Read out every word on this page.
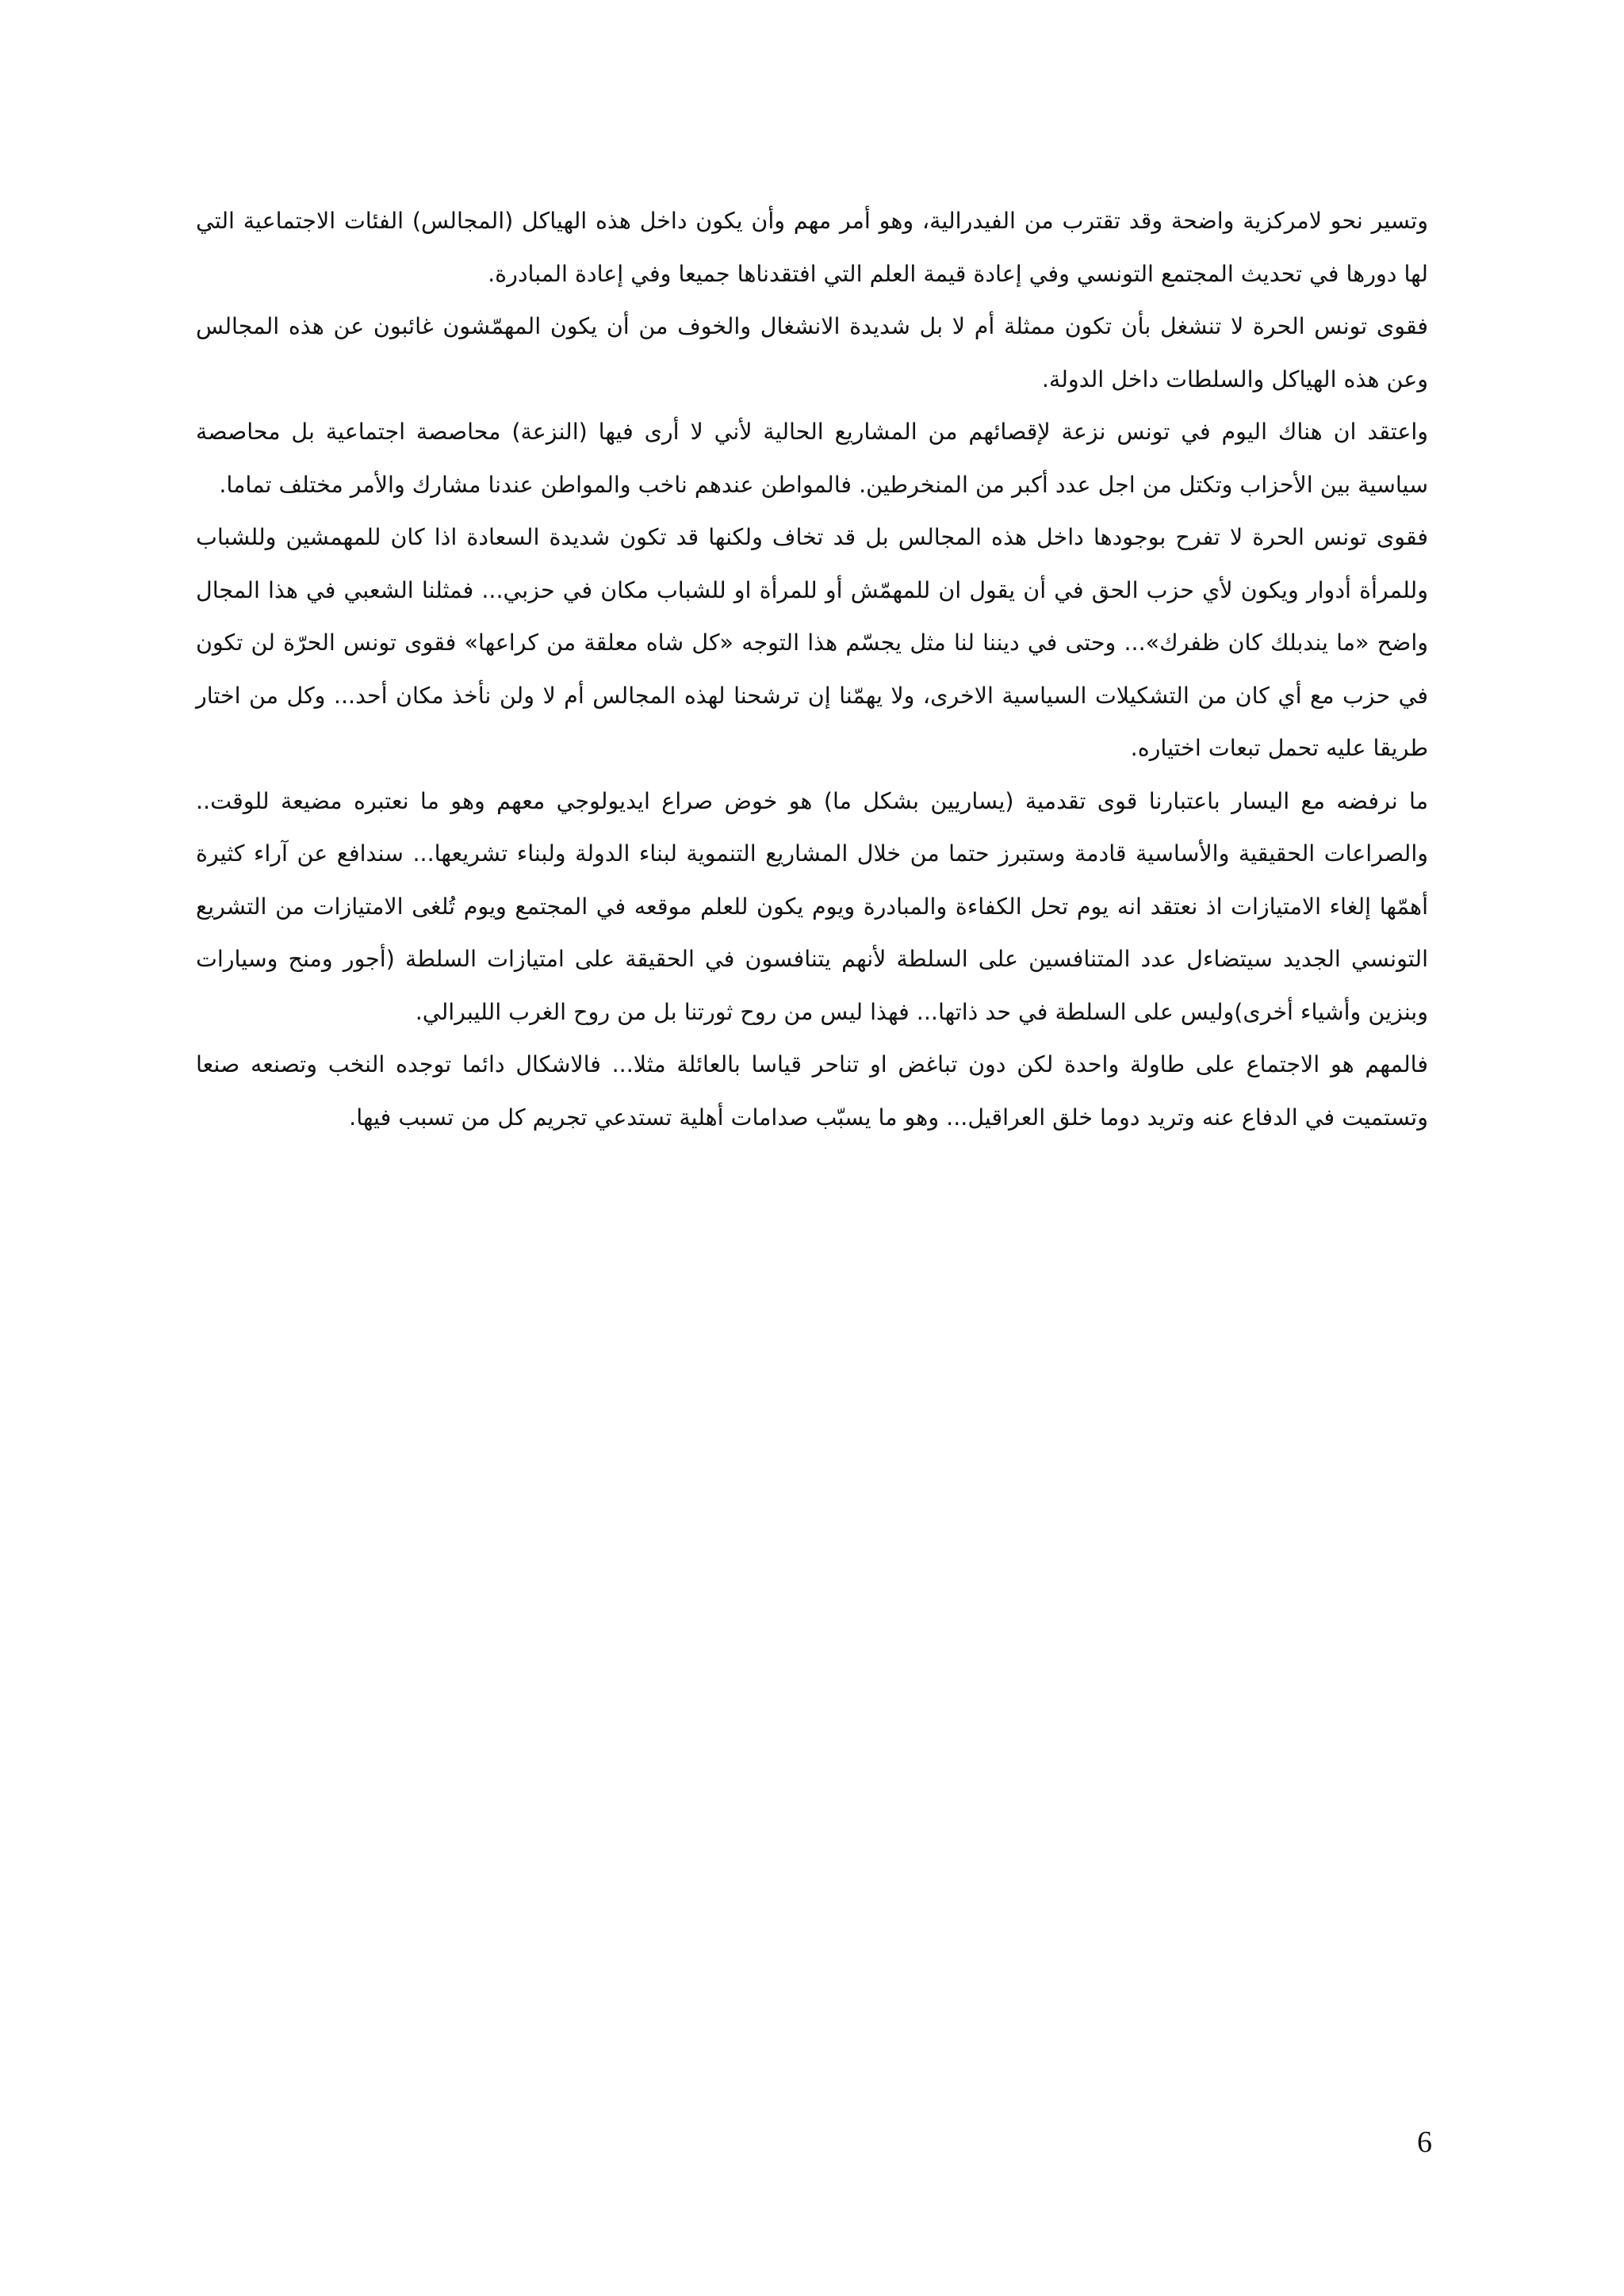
وتسير نحو لامركزية واضحة وقد تقترب من الفيدرالية، وهو أمر مهم وأن يكون داخل هذه الهياكل (المجالس) الفئات الاجتماعية التي لها دورها في تحديث المجتمع التونسي وفي إعادة قيمة العلم التي افتقدناها جميعا وفي إعادة المبادرة.

فقوى تونس الحرة لا تنشغل بأن تكون ممثلة أم لا بل شديدة الانشغال والخوف من أن يكون المهمّشون غائبون عن هذه المجالس وعن هذه الهياكل والسلطات داخل الدولة.

واعتقد ان هناك اليوم في تونس نزعة لإقصائهم من المشاريع الحالية لأني لا أرى فيها (النزعة) محاصصة اجتماعية بل محاصصة سياسية بين الأحزاب وتكتل من اجل عدد أكبر من المنخرطين. فالمواطن عندهم ناخب والمواطن عندنا مشارك والأمر مختلف تماما.

فقوى تونس الحرة لا تفرح بوجودها داخل هذه المجالس بل قد تخاف ولكنها قد تكون شديدة السعادة اذا كان للمهمشين وللشباب وللمرأة أدوار ويكون لأي حزب الحق في أن يقول ان للمهمّش أو للمرأة او للشباب مكان في حزبي... فمثلنا الشعبي في هذا المجال واضح «ما يندبلك كان ظفرك»... وحتى في ديننا لنا مثل يجسّم هذا التوجه «كل شاه معلقة من كراعها» فقوى تونس الحرّة لن تكون في حزب مع أي كان من التشكيلات السياسية الاخرى، ولا يهمّنا إن ترشحنا لهذه المجالس أم لا ولن نأخذ مكان أحد... وكل من اختار طريقا عليه تحمل تبعات اختياره.

ما نرفضه مع اليسار باعتبارنا قوى تقدمية (يساريين بشكل ما) هو خوض صراع ايديولوجي معهم وهو ما نعتبره مضيعة للوقت.. والصراعات الحقيقية والأساسية قادمة وستبرز حتما من خلال المشاريع التنموية لبناء الدولة ولبناء تشريعها... سندافع عن آراء كثيرة أهمّها إلغاء الامتيازات اذ نعتقد انه يوم تحل الكفاءة والمبادرة ويوم يكون للعلم موقعه في المجتمع ويوم تُلغى الامتيازات من التشريع التونسي الجديد سيتضاءل عدد المتنافسين على السلطة لأنهم يتنافسون في الحقيقة على امتيازات السلطة (أجور ومنح وسيارات وبنزين وأشياء أخرى)وليس على السلطة في حد ذاتها... فهذا ليس من روح ثورتنا بل من روح الغرب الليبرالي.

فالمهم هو الاجتماع على طاولة واحدة لكن دون تباغض او تناحر قياسا بالعائلة مثلا... فالاشكال دائما توجده النخب وتصنعه صنعا وتستميت في الدفاع عنه وتريد دوما خلق العراقيل... وهو ما يسبّب صدامات أهلية تستدعي تجريم كل من تسبب فيها.

6
